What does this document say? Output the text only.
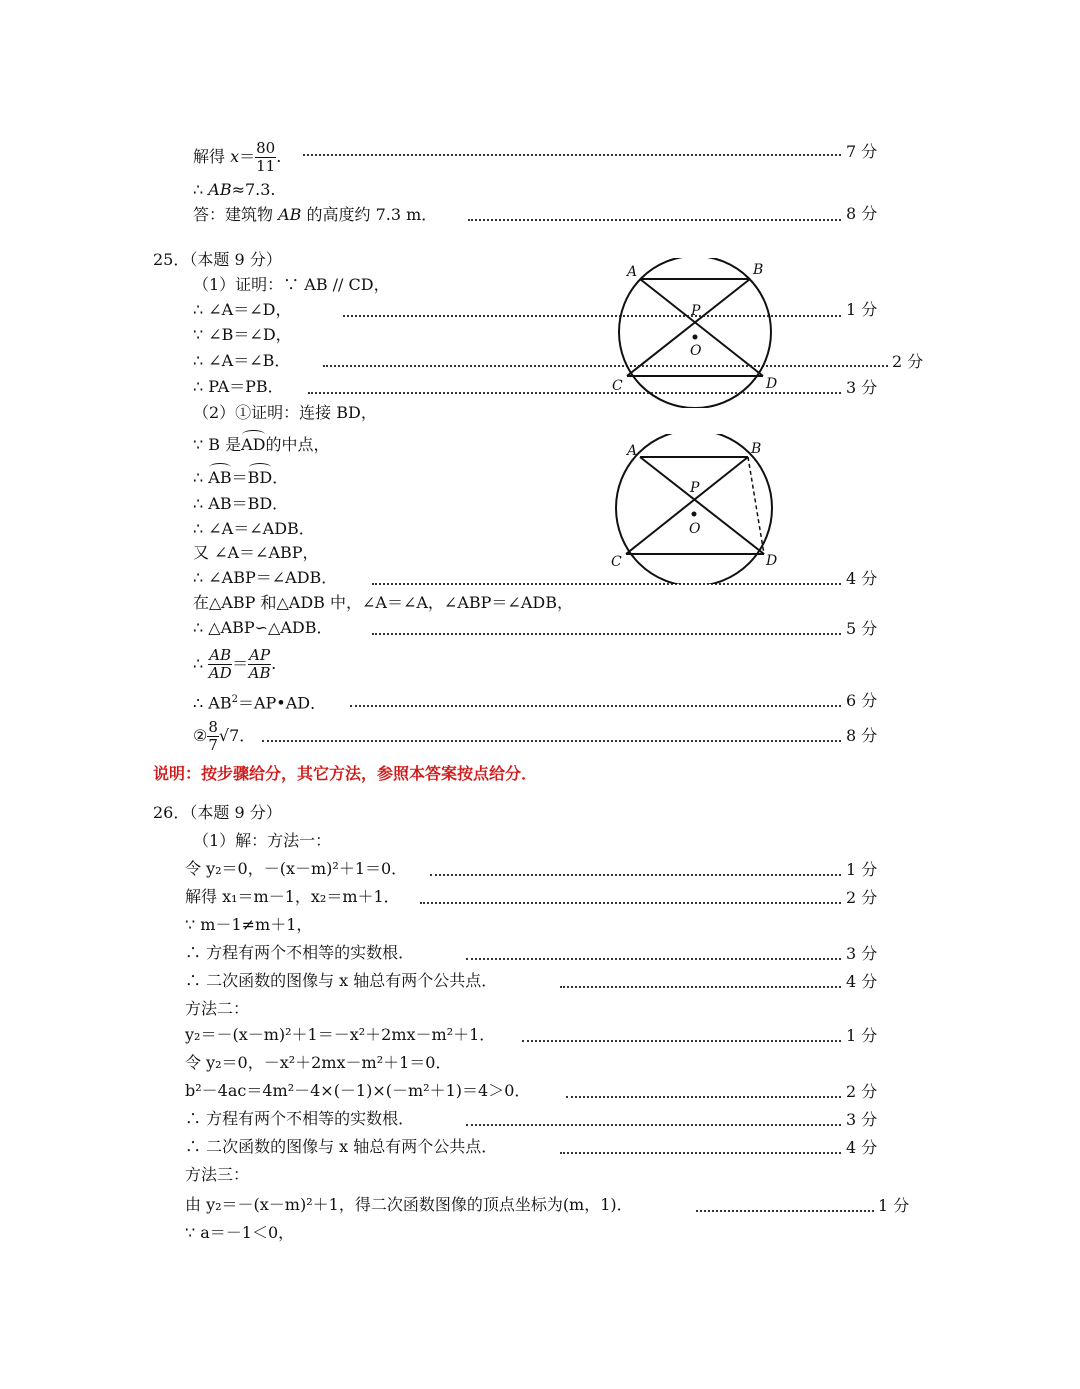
解得 $x= \frac{80}{11}$ .	7 分
∴ AB≈7.3.
答：建筑物 AB 的高度约 7.3 m．	8 分
25．（本题 9 分）
（1）证明：∵ AB // CD，
∴ ∠A＝∠D，	1 分
∵ ∠B＝∠D，
∴ ∠A＝∠B．	2 分
∴ PA＝PB．	3 分
（2）①证明：连接 BD，
∵ B 是AD的中点，
∴ AB＝BD．
∴ AB＝BD．
∴ ∠A＝∠ADB．
又 ∠A＝∠ABP，
∴ ∠ABP＝∠ADB．	4 分
在△ABP 和△ADB 中，∠A＝∠A，∠ABP＝∠ADB，
∴ △ABP∽△ADB．	5 分
∴ $\frac{AB}{AD} = \frac{AP}{AB}$ .
∴ $AB^2=AP•AD$．	6 分
② $\frac{8}{7} √7$．	8 分
说明：按步骤给分，其它方法，参照本答案按点给分．
A	B
P
O
C	D
A	B
P
O
C	D
26．（本题 9 分）
（1）解：方法一：
令 y₂＝0，－(x－m)²＋1＝0．	1 分
解得 x₁＝m－1，x₂＝m＋1．	2 分
∵ m－1≠m＋1，
∴ 方程有两个不相等的实数根．	3 分
∴ 二次函数的图像与 x 轴总有两个公共点．	4 分
方法二：
y₂＝－(x－m)²＋1＝－x²＋2mx－m²＋1．	1 分
令 y₂＝0，－x²＋2mx－m²＋1＝0．
b²－4ac＝4m²－4×(－1)×(－m²＋1)＝4＞0．	2 分
∴ 方程有两个不相等的实数根．	3 分
∴ 二次函数的图像与 x 轴总有两个公共点．	4 分
方法三：
由 y₂＝－(x－m)²＋1，得二次函数图像的顶点坐标为(m，1)．	1 分
∵ a＝－1＜0，
